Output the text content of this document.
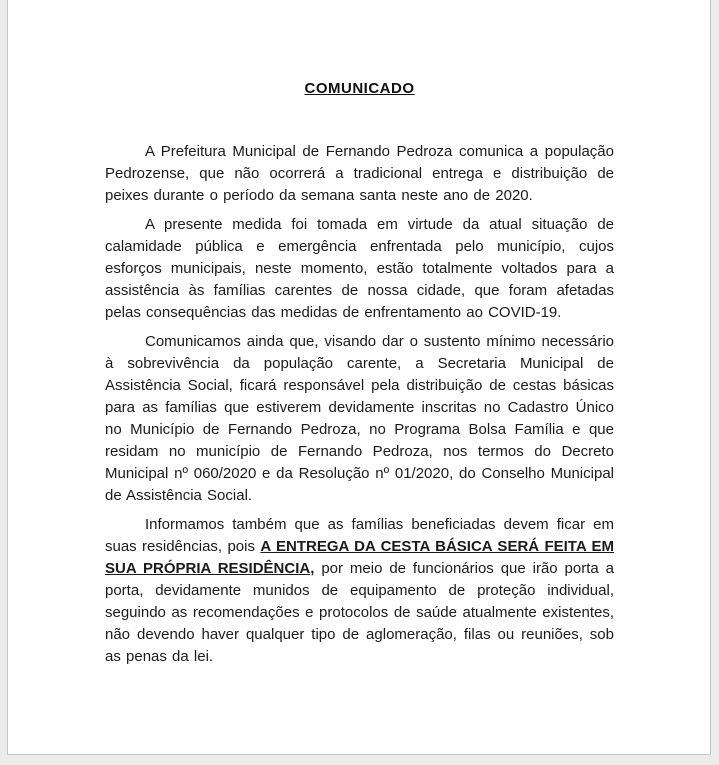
COMUNICADO

A Prefeitura Municipal de Fernando Pedroza comunica a população Pedrozense, que não ocorrerá a tradicional entrega e distribuição de peixes durante o período da semana santa neste ano de 2020.

A presente medida foi tomada em virtude da atual situação de calamidade pública e emergência enfrentada pelo município, cujos esforços municipais, neste momento, estão totalmente voltados para a assistência às famílias carentes de nossa cidade, que foram afetadas pelas consequências das medidas de enfrentamento ao COVID-19.

Comunicamos ainda que, visando dar o sustento mínimo necessário à sobrevivência da população carente, a Secretaria Municipal de Assistência Social, ficará responsável pela distribuição de cestas básicas para as famílias que estiverem devidamente inscritas no Cadastro Único no Município de Fernando Pedroza, no Programa Bolsa Família e que residam no município de Fernando Pedroza, nos termos do Decreto Municipal nº 060/2020 e da Resolução nº 01/2020, do Conselho Municipal de Assistência Social.

Informamos também que as famílias beneficiadas devem ficar em suas residências, pois A ENTREGA DA CESTA BÁSICA SERÁ FEITA EM SUA PRÓPRIA RESIDÊNCIA, por meio de funcionários que irão porta a porta, devidamente munidos de equipamento de proteção individual, seguindo as recomendações e protocolos de saúde atualmente existentes, não devendo haver qualquer tipo de aglomeração, filas ou reuniões, sob as penas da lei.
